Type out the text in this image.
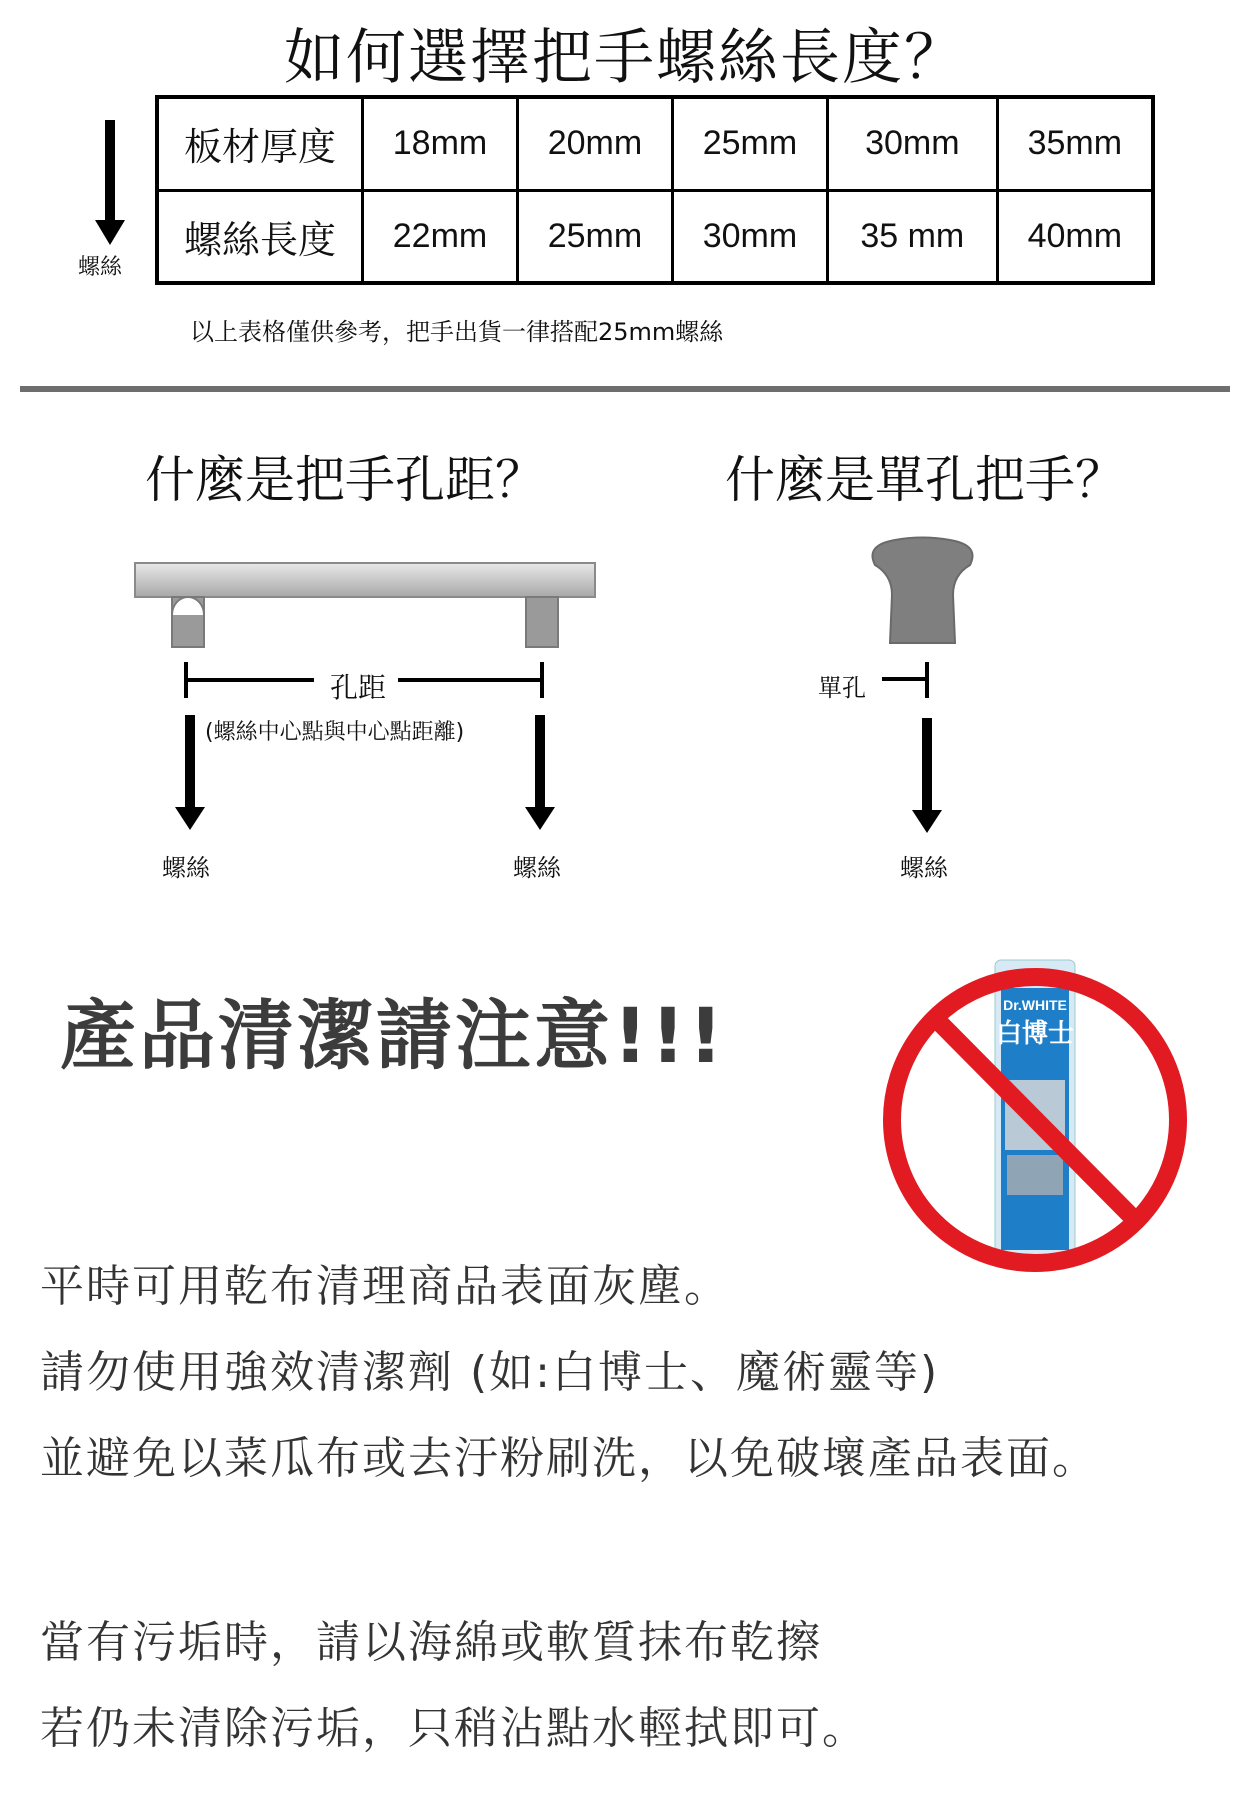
如何選擇把手螺絲長度？
螺絲
板材厚度	18mm	20mm	25mm	30mm	35mm
螺絲長度	22mm	25mm	30mm	35 mm	40mm
以上表格僅供參考，把手出貨一律搭配25mm螺絲
什麼是把手孔距？	什麼是單孔把手？
孔距
(螺絲中心點與中心點距離)
螺絲	螺絲
單孔
螺絲
產品清潔請注意!!!	Dr.WHITE
白博士
平時可用乾布清理商品表面灰塵。
請勿使用強效清潔劑 (如:白博士、魔術靈等)
並避免以菜瓜布或去汙粉刷洗，以免破壞產品表面。
當有污垢時，請以海綿或軟質抹布乾擦
若仍未清除污垢，只稍沾點水輕拭即可。
